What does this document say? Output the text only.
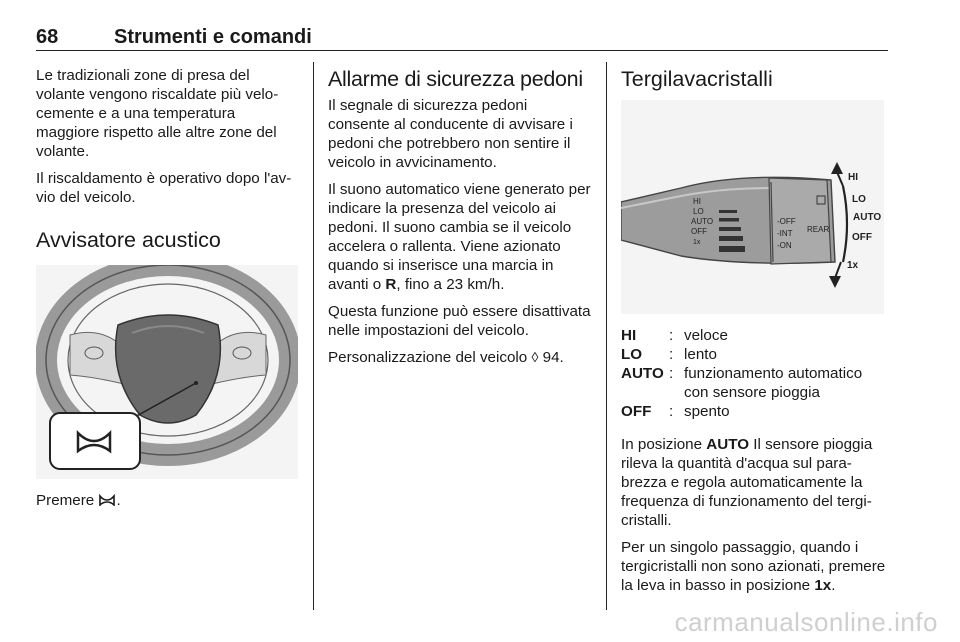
68	Strumenti e comandi

Le tradizionali zone di presa del volante vengono riscaldate più velocemente e a una temperatura maggiore rispetto alle altre zone del volante.

Il riscaldamento è operativo dopo l'avvio del veicolo.

Avvisatore acustico

Premere .

Allarme di sicurezza pedoni

Il segnale di sicurezza pedoni consente al conducente di avvisare i pedoni che potrebbero non sentire il veicolo in avvicinamento.

Il suono automatico viene generato per indicare la presenza del veicolo ai pedoni. Il suono cambia se il veicolo accelera o rallenta. Viene azionato quando si inserisce una marcia in avanti o R, fino a 23 km/h.

Questa funzione può essere disattivata nelle impostazioni del veicolo.

Personalizzazione del veicolo ◊ 94.

Tergilavacristalli
HI
LO
AUTO
OFF
1x
-OFF
-INT
-ON
REAR
HI
LO
AUTO
OFF
1x
HI	:	veloce
LO	:	lento
AUTO	:	funzionamento automatico con sensore pioggia
OFF	:	spento

In posizione AUTO Il sensore pioggia rileva la quantità d'acqua sul parabrezza e regola automaticamente la frequenza di funzionamento del tergicristalli.

Per un singolo passaggio, quando i tergicristalli non sono azionati, premere la leva in basso in posizione 1x.

carmanualsonline.info
